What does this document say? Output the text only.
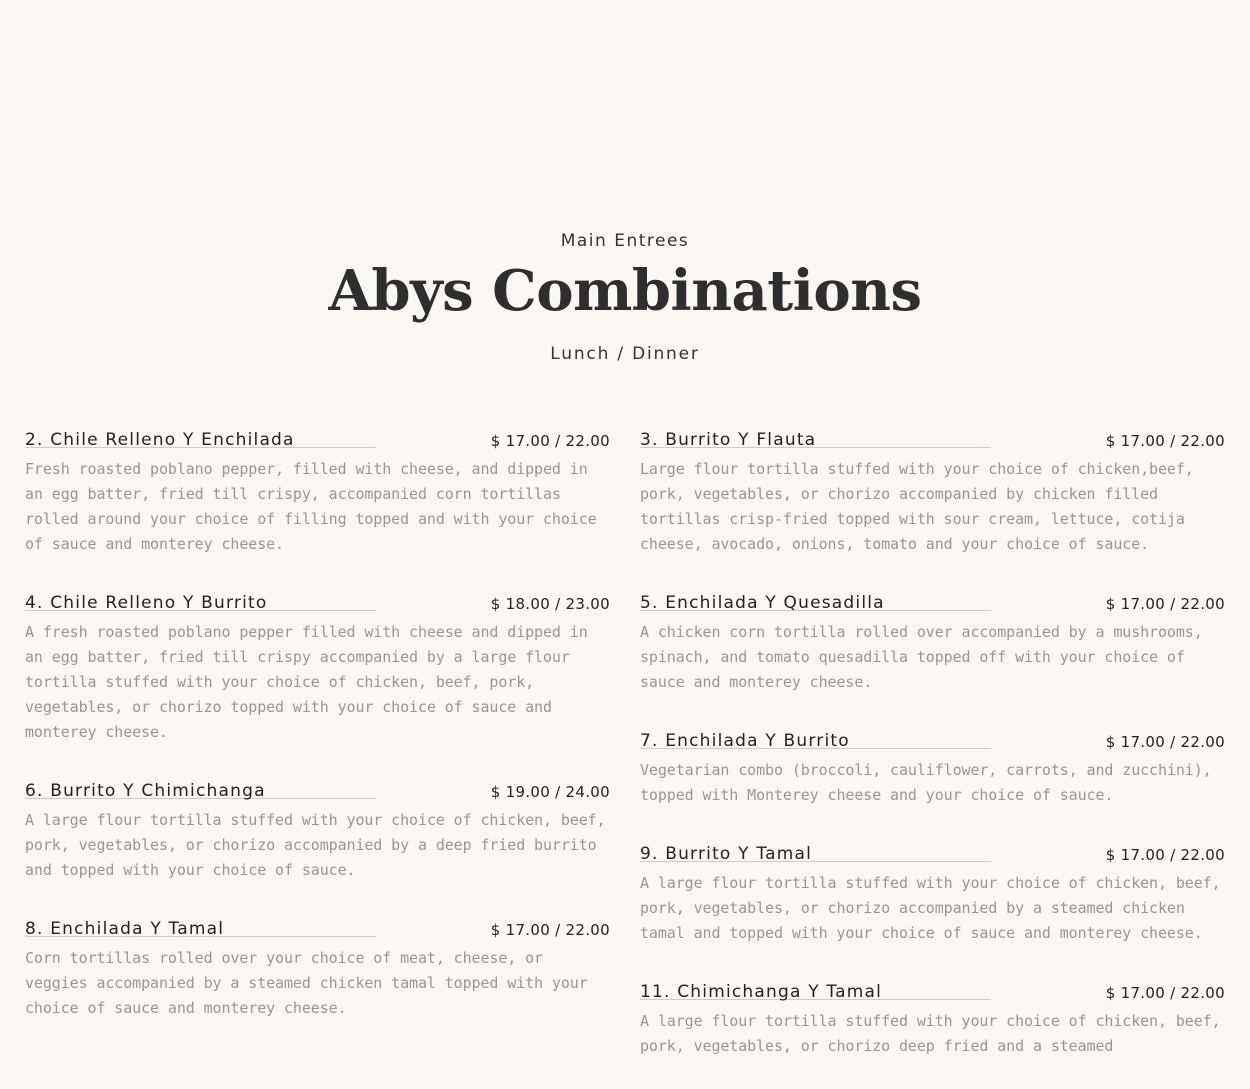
Main Entrees
Abys Combinations
Lunch / Dinner
2. Chile Relleno Y Enchilada	$ 17.00 / 22.00

Fresh roasted poblano pepper, filled with cheese, and dipped in an egg batter, fried till crispy, accompanied corn tortillas rolled around your choice of filling topped and with your choice of sauce and monterey cheese.

4. Chile Relleno Y Burrito	$ 18.00 / 23.00

A fresh roasted poblano pepper filled with cheese and dipped in an egg batter, fried till crispy accompanied by a large flour tortilla stuffed with your choice of chicken, beef, pork, vegetables, or chorizo topped with your choice of sauce and monterey cheese.

6. Burrito Y Chimichanga	$ 19.00 / 24.00

A large flour tortilla stuffed with your choice of chicken, beef, pork, vegetables, or chorizo accompanied by a deep fried burrito and topped with your choice of sauce.

8. Enchilada Y Tamal	$ 17.00 / 22.00

Corn tortillas rolled over your choice of meat, cheese, or veggies accompanied by a steamed chicken tamal topped with your choice of sauce and monterey cheese.

3. Burrito Y Flauta	$ 17.00 / 22.00

Large flour tortilla stuffed with your choice of chicken,beef, pork, vegetables, or chorizo accompanied by chicken filled tortillas crisp-fried topped with sour cream, lettuce, cotija cheese, avocado, onions, tomato and your choice of sauce.

5. Enchilada Y Quesadilla	$ 17.00 / 22.00

A chicken corn tortilla rolled over accompanied by a mushrooms, spinach, and tomato quesadilla topped off with your choice of sauce and monterey cheese.

7. Enchilada Y Burrito	$ 17.00 / 22.00

Vegetarian combo (broccoli, cauliflower, carrots, and zucchini), topped with Monterey cheese and your choice of sauce.

9. Burrito Y Tamal	$ 17.00 / 22.00

A large flour tortilla stuffed with your choice of chicken, beef, pork, vegetables, or chorizo accompanied by a steamed chicken tamal and topped with your choice of sauce and monterey cheese.

11. Chimichanga Y Tamal	$ 17.00 / 22.00

A large flour tortilla stuffed with your choice of chicken, beef, pork, vegetables, or chorizo deep fried and a steamed
